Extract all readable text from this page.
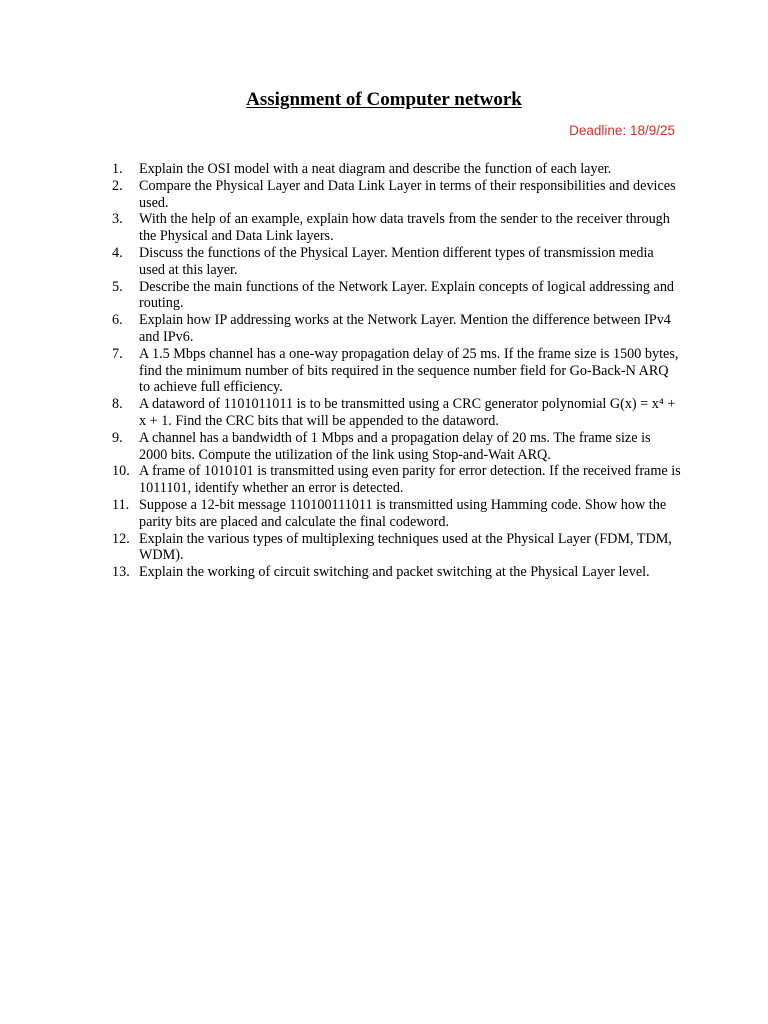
Assignment of Computer network
Deadline: 18/9/25
1.	Explain the OSI model with a neat diagram and describe the function of each layer.
2.	Compare the Physical Layer and Data Link Layer in terms of their responsibilities and devices used.
3.	With the help of an example, explain how data travels from the sender to the receiver through the Physical and Data Link layers.
4.	Discuss the functions of the Physical Layer. Mention different types of transmission media used at this layer.
5.	Describe the main functions of the Network Layer. Explain concepts of logical addressing and routing.
6.	Explain how IP addressing works at the Network Layer. Mention the difference between IPv4 and IPv6.
7.	A 1.5 Mbps channel has a one-way propagation delay of 25 ms. If the frame size is 1500 bytes, find the minimum number of bits required in the sequence number field for Go-Back-N ARQ to achieve full efficiency.
8.	A dataword of 1101011011 is to be transmitted using a CRC generator polynomial G(x) = x⁴ + x + 1. Find the CRC bits that will be appended to the dataword.
9.	A channel has a bandwidth of 1 Mbps and a propagation delay of 20 ms. The frame size is 2000 bits. Compute the utilization of the link using Stop-and-Wait ARQ.
10. A frame of 1010101 is transmitted using even parity for error detection. If the received frame is 1011101, identify whether an error is detected.
11. Suppose a 12-bit message 110100111011 is transmitted using Hamming code. Show how the parity bits are placed and calculate the final codeword.
12. Explain the various types of multiplexing techniques used at the Physical Layer (FDM, TDM, WDM).
13. Explain the working of circuit switching and packet switching at the Physical Layer level.
